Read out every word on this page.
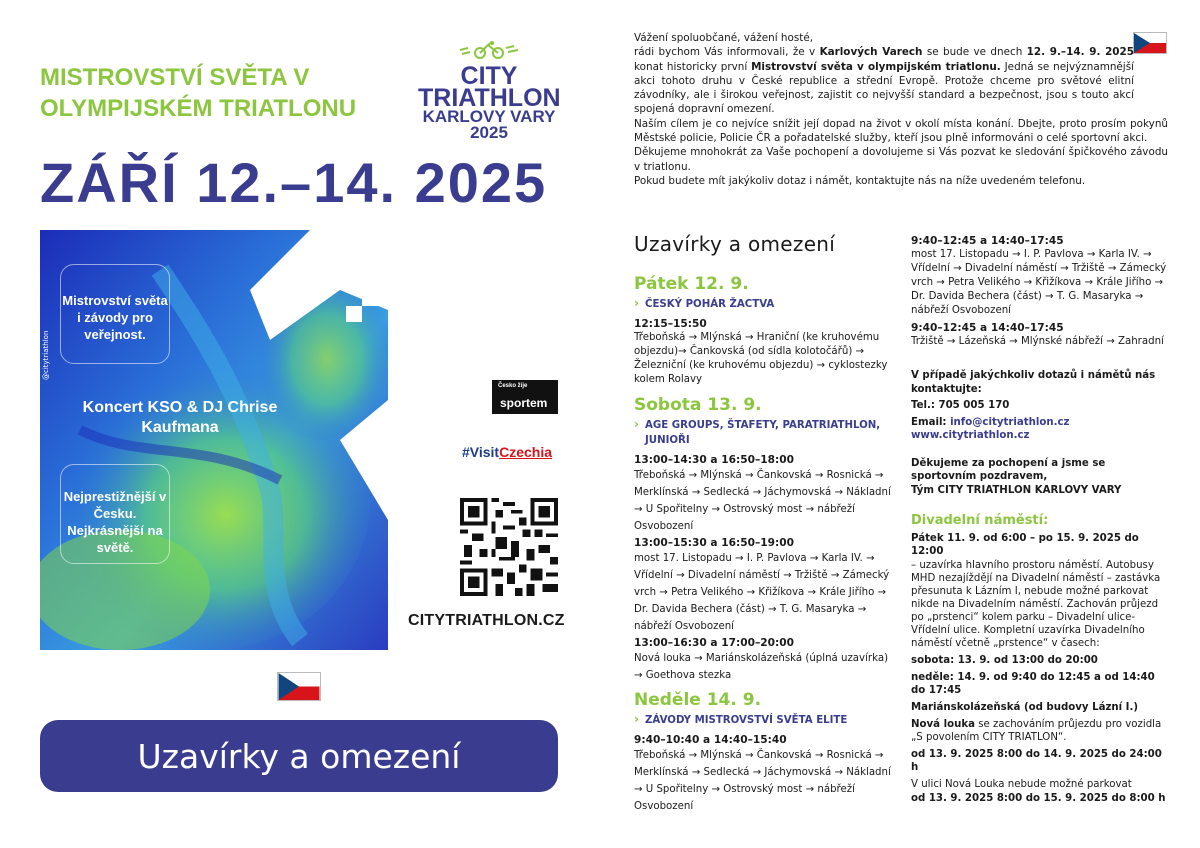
MISTROVSTVÍ SVĚTA V OLYMPIJSKÉM TRIATLONU
CITY
TRIATHLON
KARLOVY VARY
2025
ZÁŘÍ 12.–14. 2025
Mistrovství světa i závody pro veřejnost.
Koncert KSO & DJ Chrise Kaufmana
Nejprestižnější v Česku. Nejkrásnější na světě.
@citytriathlon
Česko žije
sportem
#VisitCzechia
CITYTRIATHLON.CZ
Uzavírky a omezení

Vážení spoluobčané, vážení hosté,

rádi bychom Vás informovali, že v Karlových Varech se bude ve dnech 12. 9.–14. 9. 2025 konat historicky první Mistrovství světa v olympijském triatlonu. Jedná se nejvýznamnější akci tohoto druhu v České republice a střední Evropě. Protože chceme pro světové elitní závodníky, ale i širokou veřejnost, zajistit co nejvyšší standard a bezpečnost, jsou s touto akcí spojená dopravní omezení.

Naším cílem je co nejvíce snížit její dopad na život v okolí místa konání. Dbejte, proto prosím pokynů Městské policie, Policie ČR a pořadatelské služby, kteří jsou plně informováni o celé sportovní akci.

Děkujeme mnohokrát za Vaše pochopení a dovolujeme si Vás pozvat ke sledování špičkového závodu v triatlonu.

Pokud budete mít jakýkoliv dotaz i námět, kontaktujte nás na níže uvedeném telefonu.

Uzavírky a omezení
Pátek 12. 9.
› ČESKÝ POHÁR ŽACTVA
12:15–15:50
Třeboňská → Mlýnská → Hraniční (ke kruhovému objezdu)→ Čankovská (od sídla kolotočářů) → Železniční (ke kruhovému objezdu) → cyklostezky kolem Rolavy
Sobota 13. 9.
› AGE GROUPS, ŠTAFETY, PARATRIATHLON, JUNIOŘI
13:00–14:30 a 16:50–18:00
Třeboňská → Mlýnská → Čankovská → Rosnická → Merklínská → Sedlecká → Jáchymovská → Nákladní → U Spořitelny → Ostrovský most → nábřeží Osvobození
13:00–15:30 a 16:50–19:00
most 17. Listopadu → I. P. Pavlova → Karla IV. → Vřídelní → Divadelní náměstí → Tržiště → Zámecký vrch → Petra Velikého → Křižíkova → Krále Jiřího → Dr. Davida Bechera (část) → T. G. Masaryka → nábřeží Osvobození
13:00–16:30 a 17:00–20:00
Nová louka → Mariánskolázeňská (úplná uzavírka) → Goethova stezka
Neděle 14. 9.
› ZÁVODY MISTROVSTVÍ SVĚTA ELITE
9:40–10:40 a 14:40–15:40
Třeboňská → Mlýnská → Čankovská → Rosnická → Merklínská → Sedlecká → Jáchymovská → Nákladní → U Spořitelny → Ostrovský most → nábřeží Osvobození
9:40–12:45 a 14:40–17:45
most 17. Listopadu → I. P. Pavlova → Karla IV. → Vřídelní → Divadelní náměstí → Tržiště → Zámecký vrch → Petra Velikého → Křižíkova → Krále Jiřího → Dr. Davida Bechera (část) → T. G. Masaryka → nábřeží Osvobození
9:40–12:45 a 14:40–17:45
Tržiště → Lázeňská → Mlýnské nábřeží → Zahradní
V případě jakýchkoliv dotazů i námětů nás kontaktujte:
Tel.: 705 005 170
Email: info@citytriathlon.cz
www.citytriathlon.cz
Děkujeme za pochopení a jsme se sportovním pozdravem,
Tým CITY TRIATHLON KARLOVY VARY
Divadelní náměstí:
Pátek 11. 9. od 6:00 – po 15. 9. 2025 do 12:00
– uzavírka hlavního prostoru náměstí. Autobusy MHD nezajíždějí na Divadelní náměstí – zastávka přesunuta k Lázním I, nebude možné parkovat nikde na Divadelním náměstí. Zachován průjezd po „prstenci“ kolem parku – Divadelní ulice-Vřídelní ulice. Kompletní uzavírka Divadelního náměstí včetně „prstence“ v časech:
sobota: 13. 9. od 13:00 do 20:00
neděle: 14. 9. od 9:40 do 12:45 a od 14:40 do 17:45
Mariánskolázeňská (od budovy Lázní I.)
Nová louka se zachováním průjezdu pro vozidla „S povolením CITY TRIATLON“.
od 13. 9. 2025 8:00 do 14. 9. 2025 do 24:00 h
V ulici Nová Louka nebude možné parkovat
od 13. 9. 2025 8:00 do 15. 9. 2025 do 8:00 h
